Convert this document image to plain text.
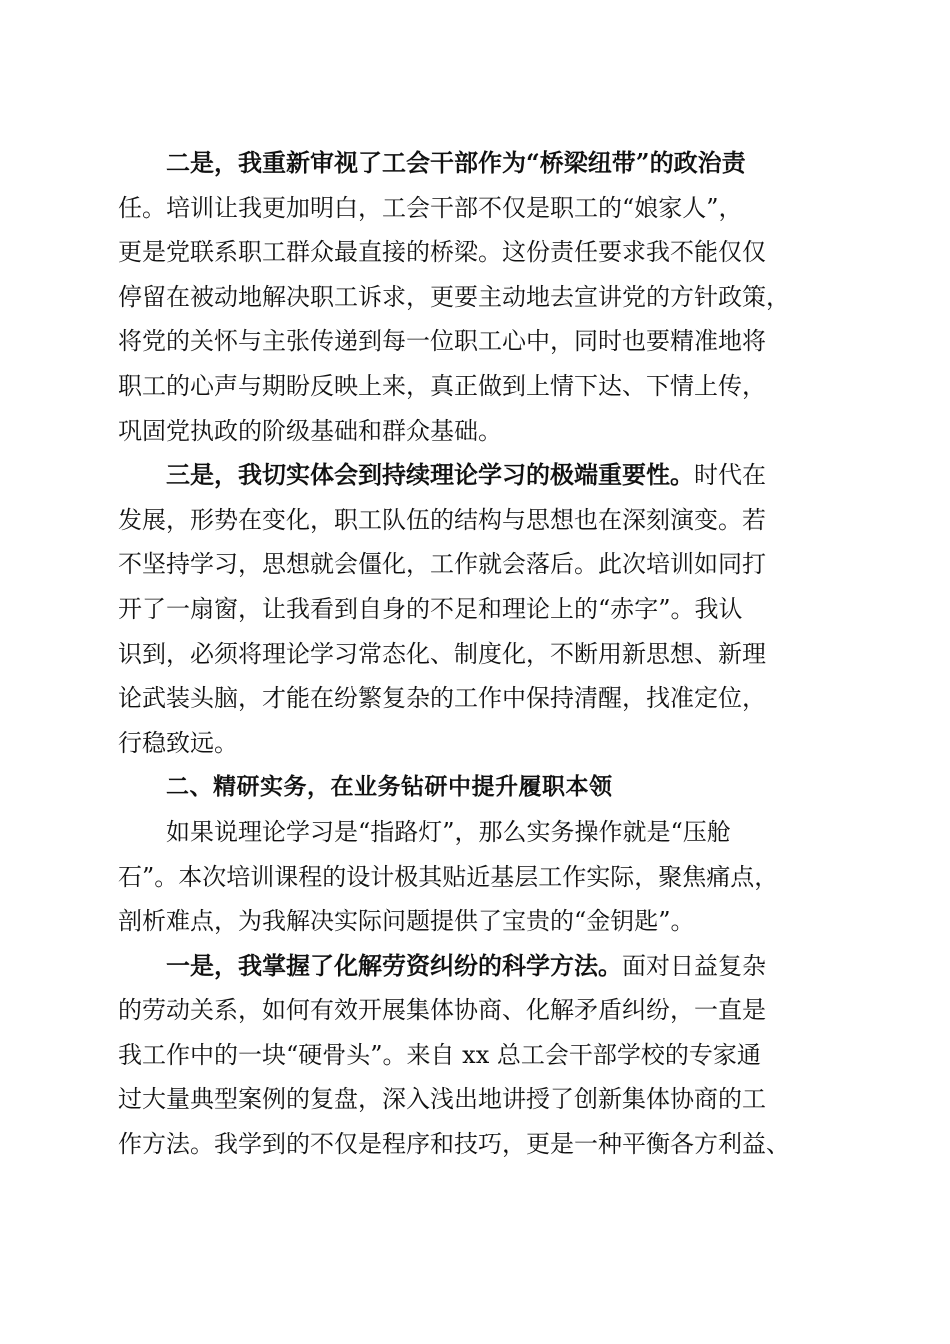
二是，我重新审视了工会干部作为“桥梁纽带”的政治责
任。培训让我更加明白，工会干部不仅是职工的“娘家人”，
更是党联系职工群众最直接的桥梁。这份责任要求我不能仅仅
停留在被动地解决职工诉求，更要主动地去宣讲党的方针政策，
将党的关怀与主张传递到每一位职工心中，同时也要精准地将
职工的心声与期盼反映上来，真正做到上情下达、下情上传，
巩固党执政的阶级基础和群众基础。
三是，我切实体会到持续理论学习的极端重要性。时代在
发展，形势在变化，职工队伍的结构与思想也在深刻演变。若
不坚持学习，思想就会僵化，工作就会落后。此次培训如同打
开了一扇窗，让我看到自身的不足和理论上的“赤字”。我认
识到，必须将理论学习常态化、制度化，不断用新思想、新理
论武装头脑，才能在纷繁复杂的工作中保持清醒，找准定位，
行稳致远。
二、精研实务，在业务钻研中提升履职本领
如果说理论学习是“指路灯”，那么实务操作就是“压舱
石”。本次培训课程的设计极其贴近基层工作实际，聚焦痛点，
剖析难点，为我解决实际问题提供了宝贵的“金钥匙”。
一是，我掌握了化解劳资纠纷的科学方法。面对日益复杂
的劳动关系，如何有效开展集体协商、化解矛盾纠纷，一直是
我工作中的一块“硬骨头”。来自 xx 总工会干部学校的专家通
过大量典型案例的复盘，深入浅出地讲授了创新集体协商的工
作方法。我学到的不仅是程序和技巧，更是一种平衡各方利益、
